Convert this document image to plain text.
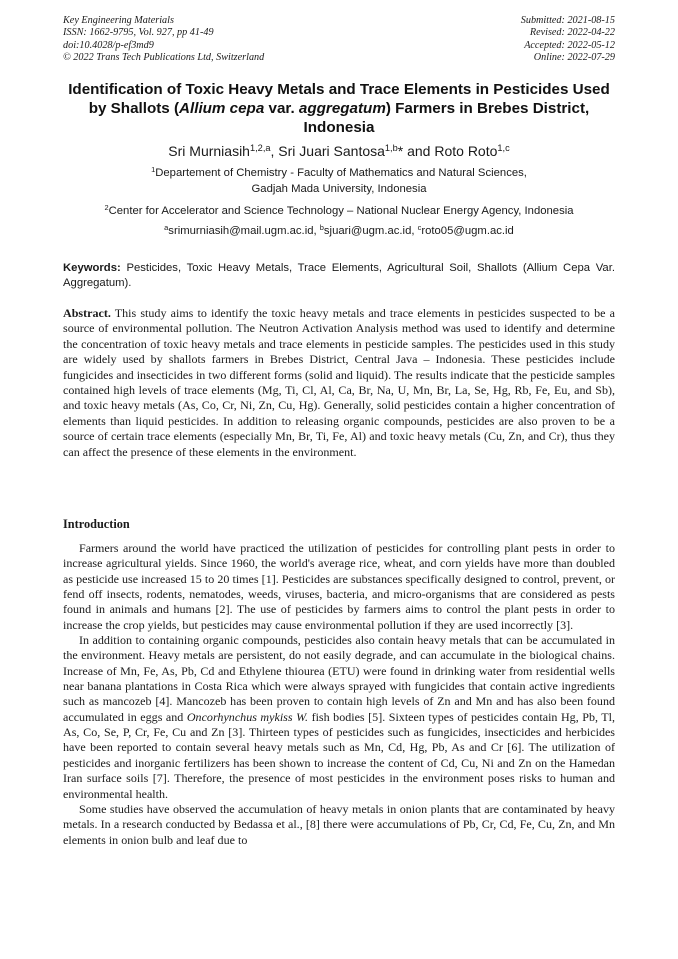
Key Engineering Materials
ISSN: 1662-9795, Vol. 927, pp 41-49
doi:10.4028/p-ef3md9
© 2022 Trans Tech Publications Ltd, Switzerland
Submitted: 2021-08-15
Revised: 2022-04-22
Accepted: 2022-05-12
Online: 2022-07-29
Identification of Toxic Heavy Metals and Trace Elements in Pesticides Used by Shallots (Allium cepa var. aggregatum) Farmers in Brebes District, Indonesia
Sri Murniasih$^{1,2,a}$, Sri Juari Santosa$^{1,b}$* and Roto Roto$^{1,c}$
$^1$Departement of Chemistry - Faculty of Mathematics and Natural Sciences,
Gadjah Mada University, Indonesia
$^2$Center for Accelerator and Science Technology – National Nuclear Energy Agency, Indonesia
$^a$srimurniasih@mail.ugm.ac.id, $^b$sjuari@ugm.ac.id, $^c$roto05@ugm.ac.id
Keywords: Pesticides, Toxic Heavy Metals, Trace Elements, Agricultural Soil, Shallots (Allium Cepa Var. Aggregatum).
Abstract. This study aims to identify the toxic heavy metals and trace elements in pesticides suspected to be a source of environmental pollution. The Neutron Activation Analysis method was used to identify and determine the concentration of toxic heavy metals and trace elements in pesticide samples. The pesticides used in this study are widely used by shallots farmers in Brebes District, Central Java – Indonesia. These pesticides include fungicides and insecticides in two different forms (solid and liquid). The results indicate that the pesticide samples contained high levels of trace elements (Mg, Ti, Cl, Al, Ca, Br, Na, U, Mn, Br, La, Se, Hg, Rb, Fe, Eu, and Sb), and toxic heavy metals (As, Co, Cr, Ni, Zn, Cu, Hg). Generally, solid pesticides contain a higher concentration of elements than liquid pesticides. In addition to releasing organic compounds, pesticides are also proven to be a source of certain trace elements (especially Mn, Br, Ti, Fe, Al) and toxic heavy metals (Cu, Zn, and Cr), thus they can affect the presence of these elements in the environment.
Introduction

Farmers around the world have practiced the utilization of pesticides for controlling plant pests in order to increase agricultural yields. Since 1960, the world's average rice, wheat, and corn yields have more than doubled as pesticide use increased 15 to 20 times [1]. Pesticides are substances specifically designed to control, prevent, or fend off insects, rodents, nematodes, weeds, viruses, bacteria, and micro-organisms that are considered as pests found in animals and humans [2]. The use of pesticides by farmers aims to control the plant pests in order to increase the crop yields, but pesticides may cause environmental pollution if they are used incorrectly [3].

In addition to containing organic compounds, pesticides also contain heavy metals that can be accumulated in the environment. Heavy metals are persistent, do not easily degrade, and can accumulate in the biological chains. Increase of Mn, Fe, As, Pb, Cd and Ethylene thiourea (ETU) were found in drinking water from residential wells near banana plantations in Costa Rica which were always sprayed with fungicides that contain active ingredients such as mancozeb [4]. Mancozeb has been proven to contain high levels of Zn and Mn and has also been found accumulated in eggs and Oncorhynchus mykiss W. fish bodies [5]. Sixteen types of pesticides contain Hg, Pb, Tl, As, Co, Se, P, Cr, Fe, Cu and Zn [3]. Thirteen types of pesticides such as fungicides, insecticides and herbicides have been reported to contain several heavy metals such as Mn, Cd, Hg, Pb, As and Cr [6]. The utilization of pesticides and inorganic fertilizers has been shown to increase the content of Cd, Cu, Ni and Zn on the Hamedan Iran surface soils [7]. Therefore, the presence of most pesticides in the environment poses risks to human and environmental health.

Some studies have observed the accumulation of heavy metals in onion plants that are contaminated by heavy metals. In a research conducted by Bedassa et al., [8] there were accumulations of Pb, Cr, Cd, Fe, Cu, Zn, and Mn elements in onion bulb and leaf due to
